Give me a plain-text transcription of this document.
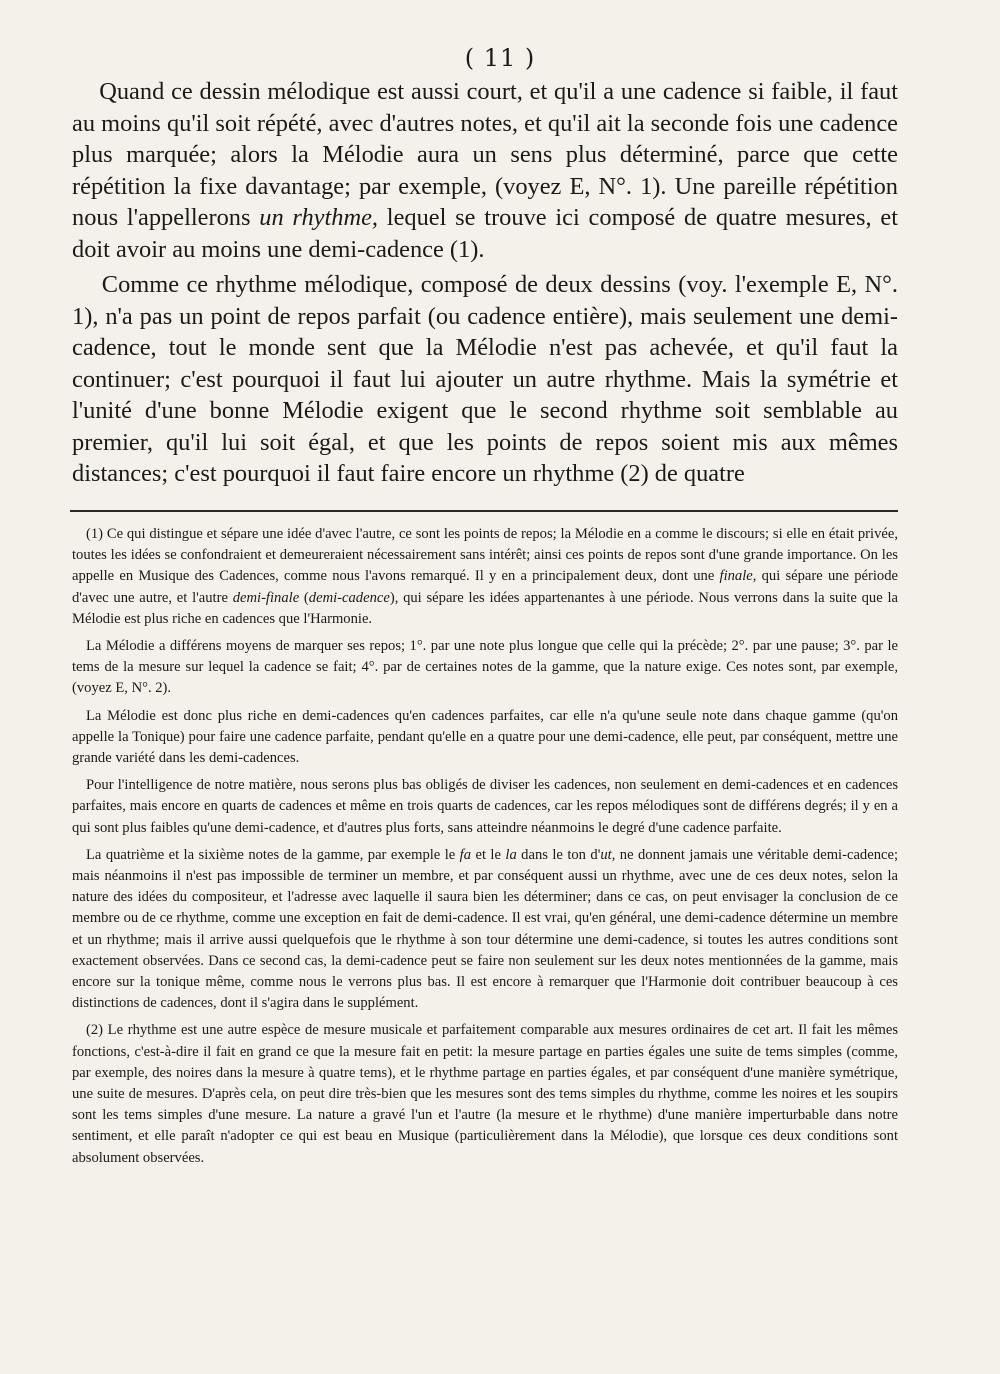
( 11 )

Quand ce dessin mélodique est aussi court, et qu'il a une cadence si faible, il faut au moins qu'il soit répété, avec d'autres notes, et qu'il ait la seconde fois une cadence plus marquée; alors la Mélodie aura un sens plus déterminé, parce que cette répétition la fixe davantage; par exemple, (voyez E, N°. 1). Une pareille répétition nous l'appellerons un rhythme, lequel se trouve ici composé de quatre mesures, et doit avoir au moins une demi-cadence (1).

Comme ce rhythme mélodique, composé de deux dessins (voy. l'exemple E, N°. 1), n'a pas un point de repos parfait (ou cadence entière), mais seulement une demi-cadence, tout le monde sent que la Mélodie n'est pas achevée, et qu'il faut la continuer; c'est pourquoi il faut lui ajouter un autre rhythme. Mais la symétrie et l'unité d'une bonne Mélodie exigent que le second rhythme soit semblable au premier, qu'il lui soit égal, et que les points de repos soient mis aux mêmes distances; c'est pourquoi il faut faire encore un rhythme (2) de quatre

(1) Ce qui distingue et sépare une idée d'avec l'autre, ce sont les points de repos; la Mélodie en a comme le discours; si elle en était privée, toutes les idées se confondraient et demeureraient nécessairement sans intérêt; ainsi ces points de repos sont d'une grande importance. On les appelle en Musique des Cadences, comme nous l'avons remarqué. Il y en a principalement deux, dont une finale, qui sépare une période d'avec une autre, et l'autre demi-finale (demi-cadence), qui sépare les idées appartenantes à une période. Nous verrons dans la suite que la Mélodie est plus riche en cadences que l'Harmonie.

La Mélodie a différens moyens de marquer ses repos; 1°. par une note plus longue que celle qui la précède; 2°. par une pause; 3°. par le tems de la mesure sur lequel la cadence se fait; 4°. par de certaines notes de la gamme, que la nature exige. Ces notes sont, par exemple, (voyez E, N°. 2).

La Mélodie est donc plus riche en demi-cadences qu'en cadences parfaites, car elle n'a qu'une seule note dans chaque gamme (qu'on appelle la Tonique) pour faire une cadence parfaite, pendant qu'elle en a quatre pour une demi-cadence, elle peut, par conséquent, mettre une grande variété dans les demi-cadences.

Pour l'intelligence de notre matière, nous serons plus bas obligés de diviser les cadences, non seulement en demi-cadences et en cadences parfaites, mais encore en quarts de cadences et même en trois quarts de cadences, car les repos mélodiques sont de différens degrés; il y en a qui sont plus faibles qu'une demi-cadence, et d'autres plus forts, sans atteindre néanmoins le degré d'une cadence parfaite.

La quatrième et la sixième notes de la gamme, par exemple le fa et le la dans le ton d'ut, ne donnent jamais une véritable demi-cadence; mais néanmoins il n'est pas impossible de terminer un membre, et par conséquent aussi un rhythme, avec une de ces deux notes, selon la nature des idées du compositeur, et l'adresse avec laquelle il saura bien les déterminer; dans ce cas, on peut envisager la conclusion de ce membre ou de ce rhythme, comme une exception en fait de demi-cadence. Il est vrai, qu'en général, une demi-cadence détermine un membre et un rhythme; mais il arrive aussi quelquefois que le rhythme à son tour détermine une demi-cadence, si toutes les autres conditions sont exactement observées. Dans ce second cas, la demi-cadence peut se faire non seulement sur les deux notes mentionnées de la gamme, mais encore sur la tonique même, comme nous le verrons plus bas. Il est encore à remarquer que l'Harmonie doit contribuer beaucoup à ces distinctions de cadences, dont il s'agira dans le supplément.

(2) Le rhythme est une autre espèce de mesure musicale et parfaitement comparable aux mesures ordinaires de cet art. Il fait les mêmes fonctions, c'est-à-dire il fait en grand ce que la mesure fait en petit: la mesure partage en parties égales une suite de tems simples (comme, par exemple, des noires dans la mesure à quatre tems), et le rhythme partage en parties égales, et par conséquent d'une manière symétrique, une suite de mesures. D'après cela, on peut dire très-bien que les mesures sont des tems simples du rhythme, comme les noires et les soupirs sont les tems simples d'une mesure. La nature a gravé l'un et l'autre (la mesure et le rhythme) d'une manière imperturbable dans notre sentiment, et elle paraît n'adopter ce qui est beau en Musique (particulièrement dans la Mélodie), que lorsque ces deux conditions sont absolument observées.
